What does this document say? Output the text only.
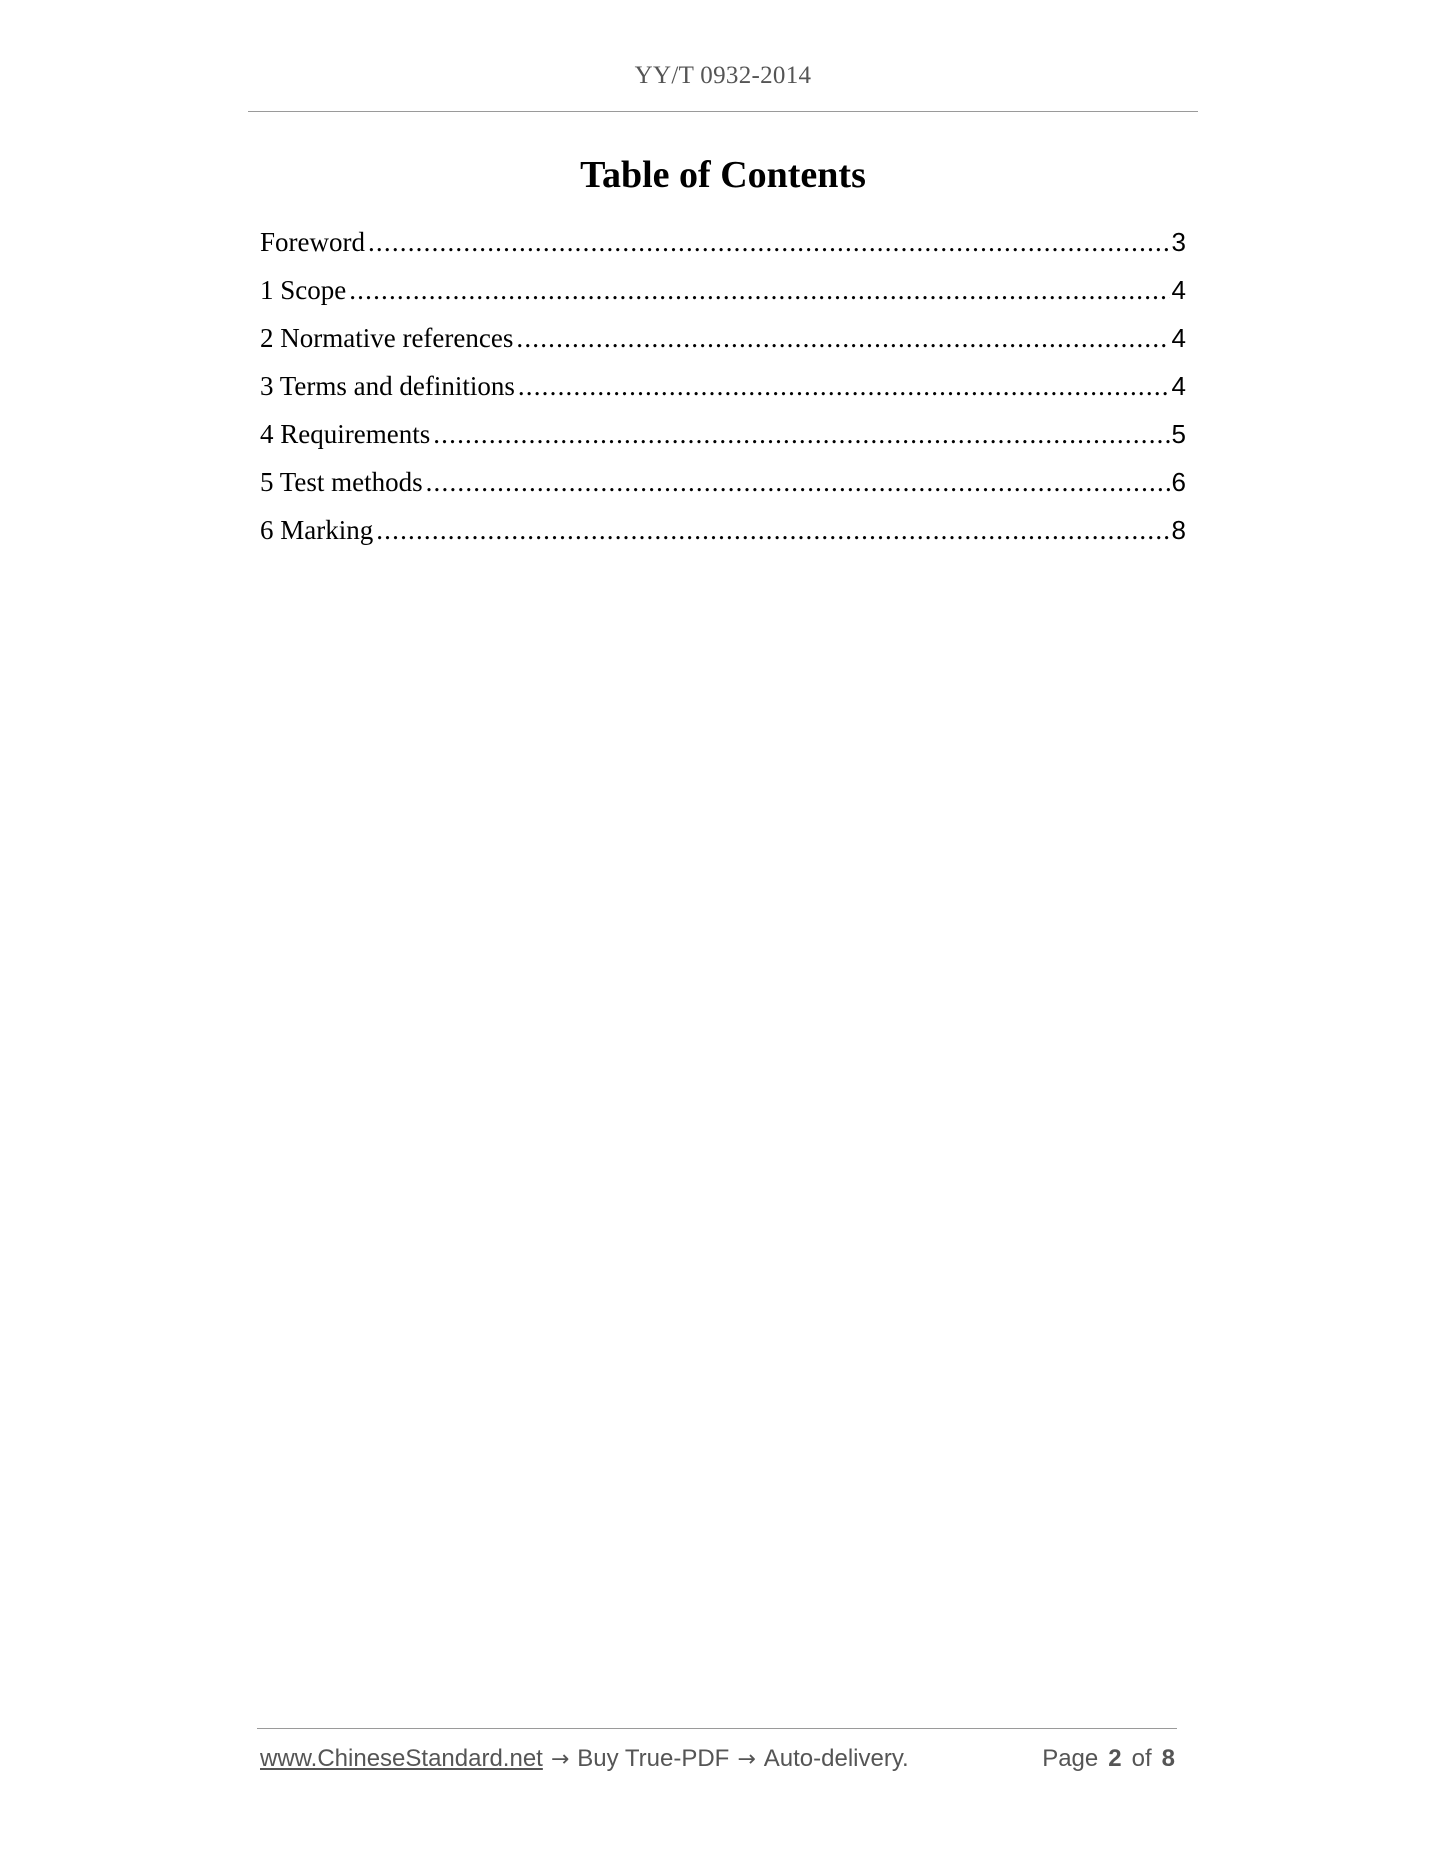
YY/T 0932-2014
Table of Contents
Foreword .....	3
1 Scope .....	4
2 Normative references .....	4
3 Terms and definitions .....	4
4 Requirements .....	5
5 Test methods .....	6
6 Marking .....	8
www.ChineseStandard.net → Buy True-PDF → Auto-delivery.	Page 2 of 8
